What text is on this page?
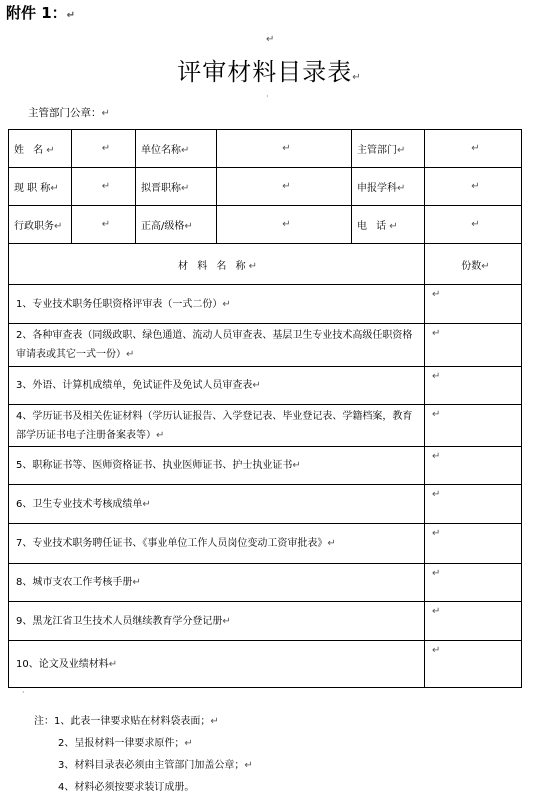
附件 1：↵
↵
评审材料目录表↵
·
主管部门公章：↵
姓 名↵	↵	单位名称↵	↵	主管部门↵	↵
现 职 称↵	↵	拟晋职称↵	↵	申报学科↵	↵
行政职务↵	↵	正高/级格↵	↵	电 话↵	↵
材 料 名 称↵					份数↵
1、专业技术职务任职资格评审表（一式二份）↵					↵
2、各种审查表（同级政职、绿色通道、流动人员审查表、基层卫生专业技术高级任职资格审请表或其它一式一份）↵					↵
3、外语、计算机成绩单，免试证件及免试人员审查表↵					↵
4、学历证书及相关佐证材料（学历认证报告、入学登记表、毕业登记表、学籍档案，教育部学历证书电子注册备案表等）↵					↵
5、职称证书等、医师资格证书、执业医师证书、护士执业证书↵					↵
6、卫生专业技术考核成绩单↵					↵
7、专业技术职务聘任证书、《事业单位工作人员岗位变动工资审批表》↵					↵
8、城市支农工作考核手册↵					↵
9、黑龙江省卫生技术人员继续教育学分登记册↵					↵
10、论文及业绩材料↵					↵
·
注：1、此表一律要求贴在材料袋表面；↵
2、呈报材料一律要求原件；↵
3、材料目录表必须由主管部门加盖公章；↵
4、材料必须按要求装订成册。
